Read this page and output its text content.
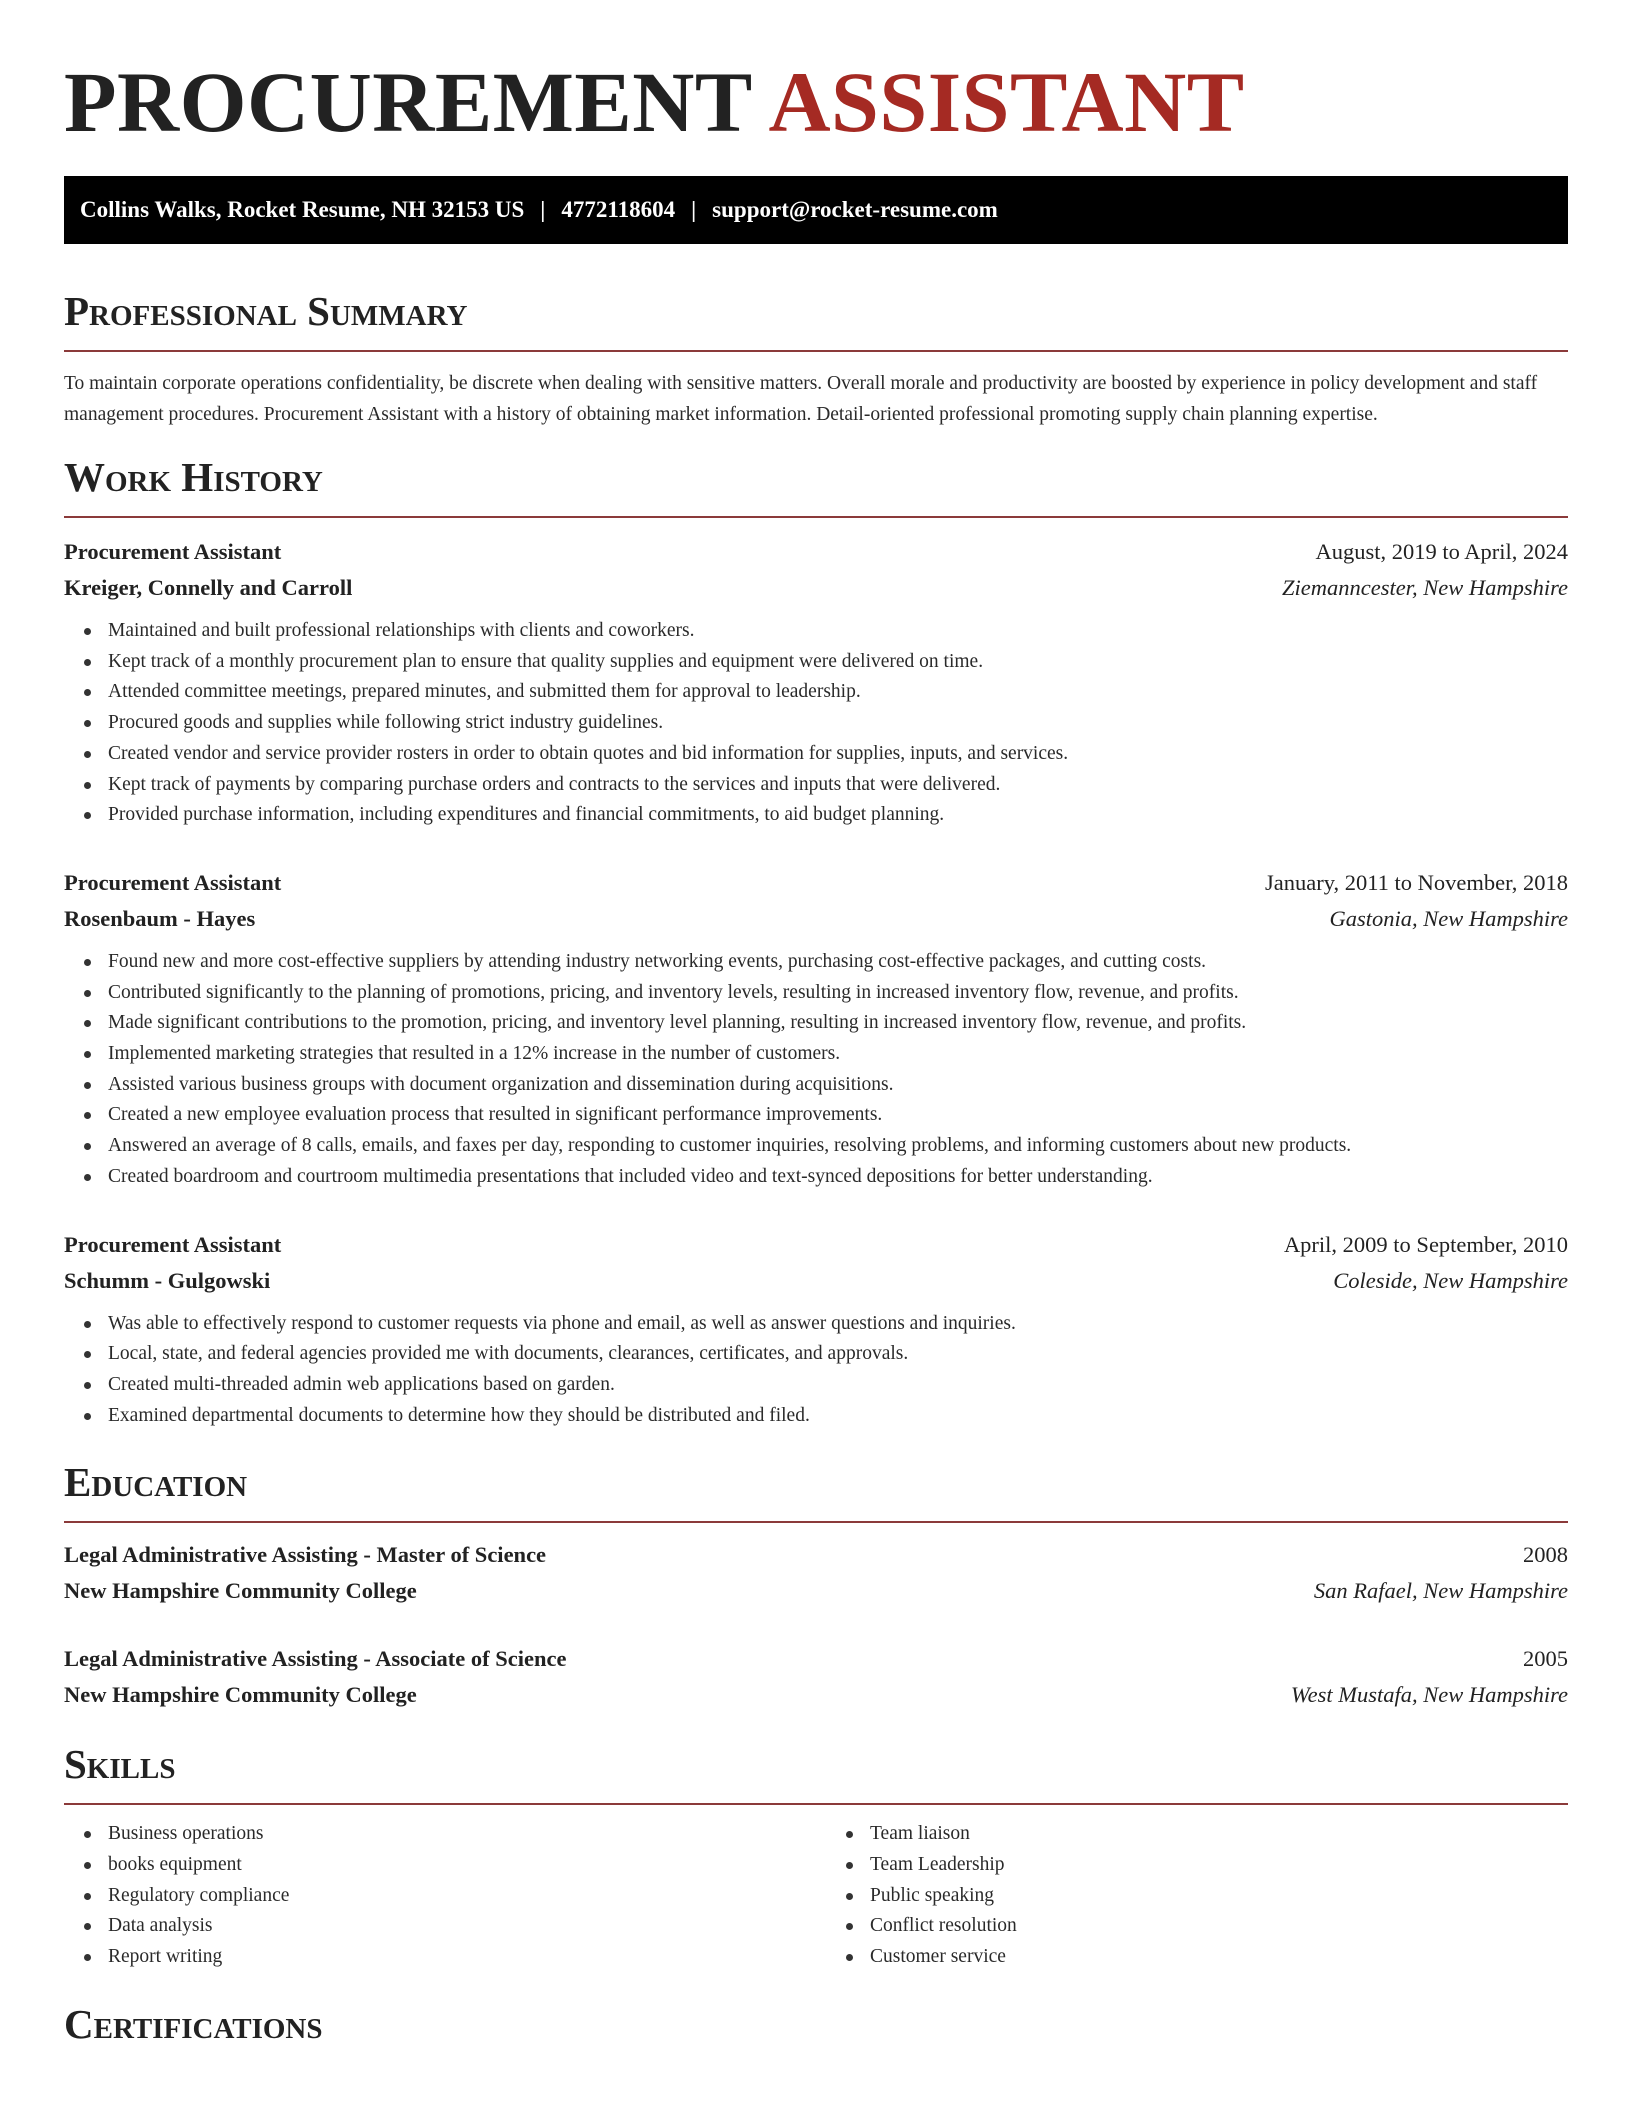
PROCUREMENT ASSISTANT
Collins Walks, Rocket Resume, NH 32153 US | 4772118604 | support@rocket-resume.com
Professional Summary

To maintain corporate operations confidentiality, be discrete when dealing with sensitive matters. Overall morale and productivity are boosted by experience in policy development and staff management procedures. Procurement Assistant with a history of obtaining market information. Detail-oriented professional promoting supply chain planning expertise.

Work History
Procurement Assistant	August, 2019 to April, 2024
Kreiger, Connelly and Carroll	Ziemanncester, New Hampshire
Maintained and built professional relationships with clients and coworkers.
Kept track of a monthly procurement plan to ensure that quality supplies and equipment were delivered on time.
Attended committee meetings, prepared minutes, and submitted them for approval to leadership.
Procured goods and supplies while following strict industry guidelines.
Created vendor and service provider rosters in order to obtain quotes and bid information for supplies, inputs, and services.
Kept track of payments by comparing purchase orders and contracts to the services and inputs that were delivered.
Provided purchase information, including expenditures and financial commitments, to aid budget planning.
Procurement Assistant	January, 2011 to November, 2018
Rosenbaum - Hayes	Gastonia, New Hampshire
Found new and more cost-effective suppliers by attending industry networking events, purchasing cost-effective packages, and cutting costs.
Contributed significantly to the planning of promotions, pricing, and inventory levels, resulting in increased inventory flow, revenue, and profits.
Made significant contributions to the promotion, pricing, and inventory level planning, resulting in increased inventory flow, revenue, and profits.
Implemented marketing strategies that resulted in a 12% increase in the number of customers.
Assisted various business groups with document organization and dissemination during acquisitions.
Created a new employee evaluation process that resulted in significant performance improvements.
Answered an average of 8 calls, emails, and faxes per day, responding to customer inquiries, resolving problems, and informing customers about new products.
Created boardroom and courtroom multimedia presentations that included video and text-synced depositions for better understanding.
Procurement Assistant	April, 2009 to September, 2010
Schumm - Gulgowski	Coleside, New Hampshire
Was able to effectively respond to customer requests via phone and email, as well as answer questions and inquiries.
Local, state, and federal agencies provided me with documents, clearances, certificates, and approvals.
Created multi-threaded admin web applications based on garden.
Examined departmental documents to determine how they should be distributed and filed.
Education
Legal Administrative Assisting - Master of Science	2008
New Hampshire Community College	San Rafael, New Hampshire
Legal Administrative Assisting - Associate of Science	2005
New Hampshire Community College	West Mustafa, New Hampshire
Skills
Business operations
books equipment
Regulatory compliance
Data analysis
Report writing
Team liaison
Team Leadership
Public speaking
Conflict resolution
Customer service
Certifications
